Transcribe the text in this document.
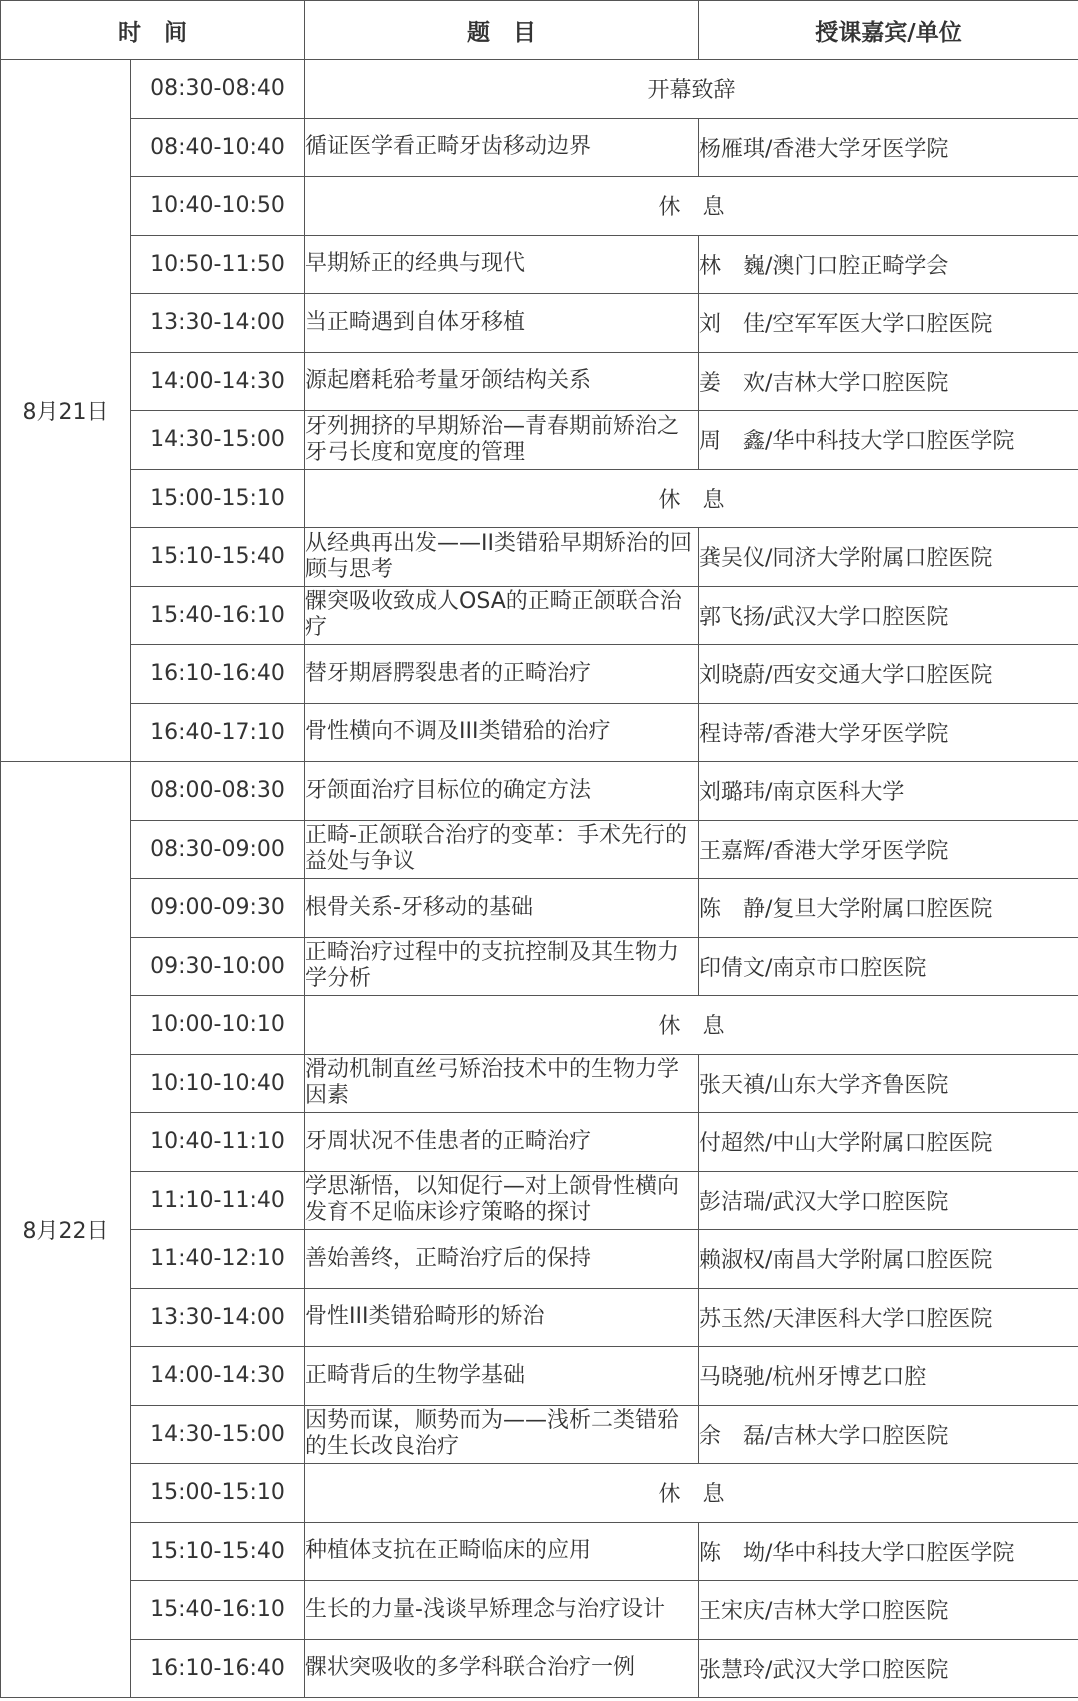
时　间		题　目	授课嘉宾/单位
8月21日	08:30-08:40	开幕致辞	
	08:40-10:40	循证医学看正畸牙齿移动边界	杨雁琪/香港大学牙医学院
	10:40-10:50	休　息	
	10:50-11:50	早期矫正的经典与现代	林　巍/澳门口腔正畸学会
	13:30-14:00	当正畸遇到自体牙移植	刘　佳/空军军医大学口腔医院
	14:00-14:30	源起磨耗𬌗考量牙颌结构关系	姜　欢/吉林大学口腔医院
	14:30-15:00	牙列拥挤的早期矫治—青春期前矫治之牙弓长度和宽度的管理	周　鑫/华中科技大学口腔医学院
	15:00-15:10	休　息	
	15:10-15:40	从经典再出发——II类错𬌗早期矫治的回顾与思考	龚吴仪/同济大学附属口腔医院
	15:40-16:10	髁突吸收致成人OSA的正畸正颌联合治疗	郭飞扬/武汉大学口腔医院
	16:10-16:40	替牙期唇腭裂患者的正畸治疗	刘晓蔚/西安交通大学口腔医院
	16:40-17:10	骨性横向不调及III类错𬌗的治疗	程诗蒂/香港大学牙医学院
8月22日	08:00-08:30	牙颌面治疗目标位的确定方法	刘璐玮/南京医科大学
	08:30-09:00	正畸-正颌联合治疗的变革：手术先行的益处与争议	王嘉辉/香港大学牙医学院
	09:00-09:30	根骨关系-牙移动的基础	陈　静/复旦大学附属口腔医院
	09:30-10:00	正畸治疗过程中的支抗控制及其生物力学分析	印倩文/南京市口腔医院
	10:00-10:10	休　息	
	10:10-10:40	滑动机制直丝弓矫治技术中的生物力学因素	张天禛/山东大学齐鲁医院
	10:40-11:10	牙周状况不佳患者的正畸治疗	付超然/中山大学附属口腔医院
	11:10-11:40	学思渐悟，以知促行—对上颌骨性横向发育不足临床诊疗策略的探讨	彭洁瑞/武汉大学口腔医院
	11:40-12:10	善始善终，正畸治疗后的保持	赖淑权/南昌大学附属口腔医院
	13:30-14:00	骨性III类错𬌗畸形的矫治	苏玉然/天津医科大学口腔医院
	14:00-14:30	正畸背后的生物学基础	马晓驰/杭州牙博艺口腔
	14:30-15:00	因势而谋，顺势而为——浅析二类错𬌗的生长改良治疗	余　磊/吉林大学口腔医院
	15:00-15:10	休　息	
	15:10-15:40	种植体支抗在正畸临床的应用	陈　坳/华中科技大学口腔医学院
	15:40-16:10	生长的力量-浅谈早矫理念与治疗设计	王宋庆/吉林大学口腔医院
	16:10-16:40	髁状突吸收的多学科联合治疗一例	张慧玲/武汉大学口腔医院
